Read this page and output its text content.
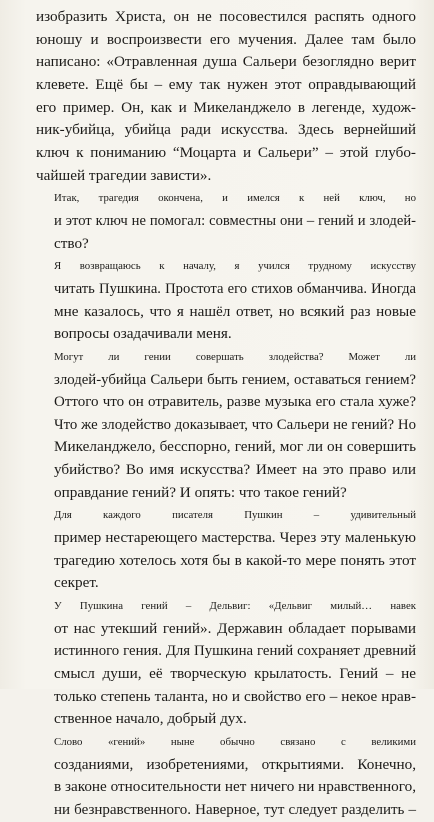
изобразить Христа, он не посовестился распять одного
юношу и воспроизвести его мучения. Далее там было
написано: «Отравленная душа Сальери безоглядно верит
клевете. Ещё бы – ему так нужен этот оправдывающий
его пример. Он, как и Микеланджело в легенде, худож-
ник-убийца, убийца ради искусства. Здесь вернейший
ключ к пониманию “Моцарта и Сальери” – этой глубо-
чайшей трагедии зависти».

Итак, трагедия окончена, и имелся к ней ключ, но
и этот ключ не помогал: совместны они – гений и злодей-
ство?

Я возвращаюсь к началу, я учился трудному искусству
читать Пушкина. Простота его стихов обманчива. Иногда
мне казалось, что я нашёл ответ, но всякий раз новые
вопросы озадачивали меня.

Могут ли гении совершать злодейства? Может ли
злодей-убийца Сальери быть гением, оставаться гением?
Оттого что он отравитель, разве музыка его стала хуже?
Что же злодейство доказывает, что Сальери не гений? Но
Микеланджело, бесспорно, гений, мог ли он совершить
убийство? Во имя искусства? Имеет на это право или
оправдание гений? И опять: что такое гений?

Для каждого писателя Пушкин – удивительный
пример нестареющего мастерства. Через эту маленькую
трагедию хотелось хотя бы в какой-то мере понять этот
секрет.

У Пушкина гений – Дельвиг: «Дельвиг милый… навек
от нас утекший гений». Державин обладает порывами
истинного гения. Для Пушкина гений сохраняет древний
смысл души, её творческую крылатость. Гений – не
только степень таланта, но и свойство его – некое нрав-
ственное начало, добрый дух.

Слово «гений» ныне обычно связано с великими
созданиями, изобретениями, открытиями. Конечно,
в законе относительности нет ничего ни нравственного,
ни безнравственного. Наверное, тут следует разделить –
